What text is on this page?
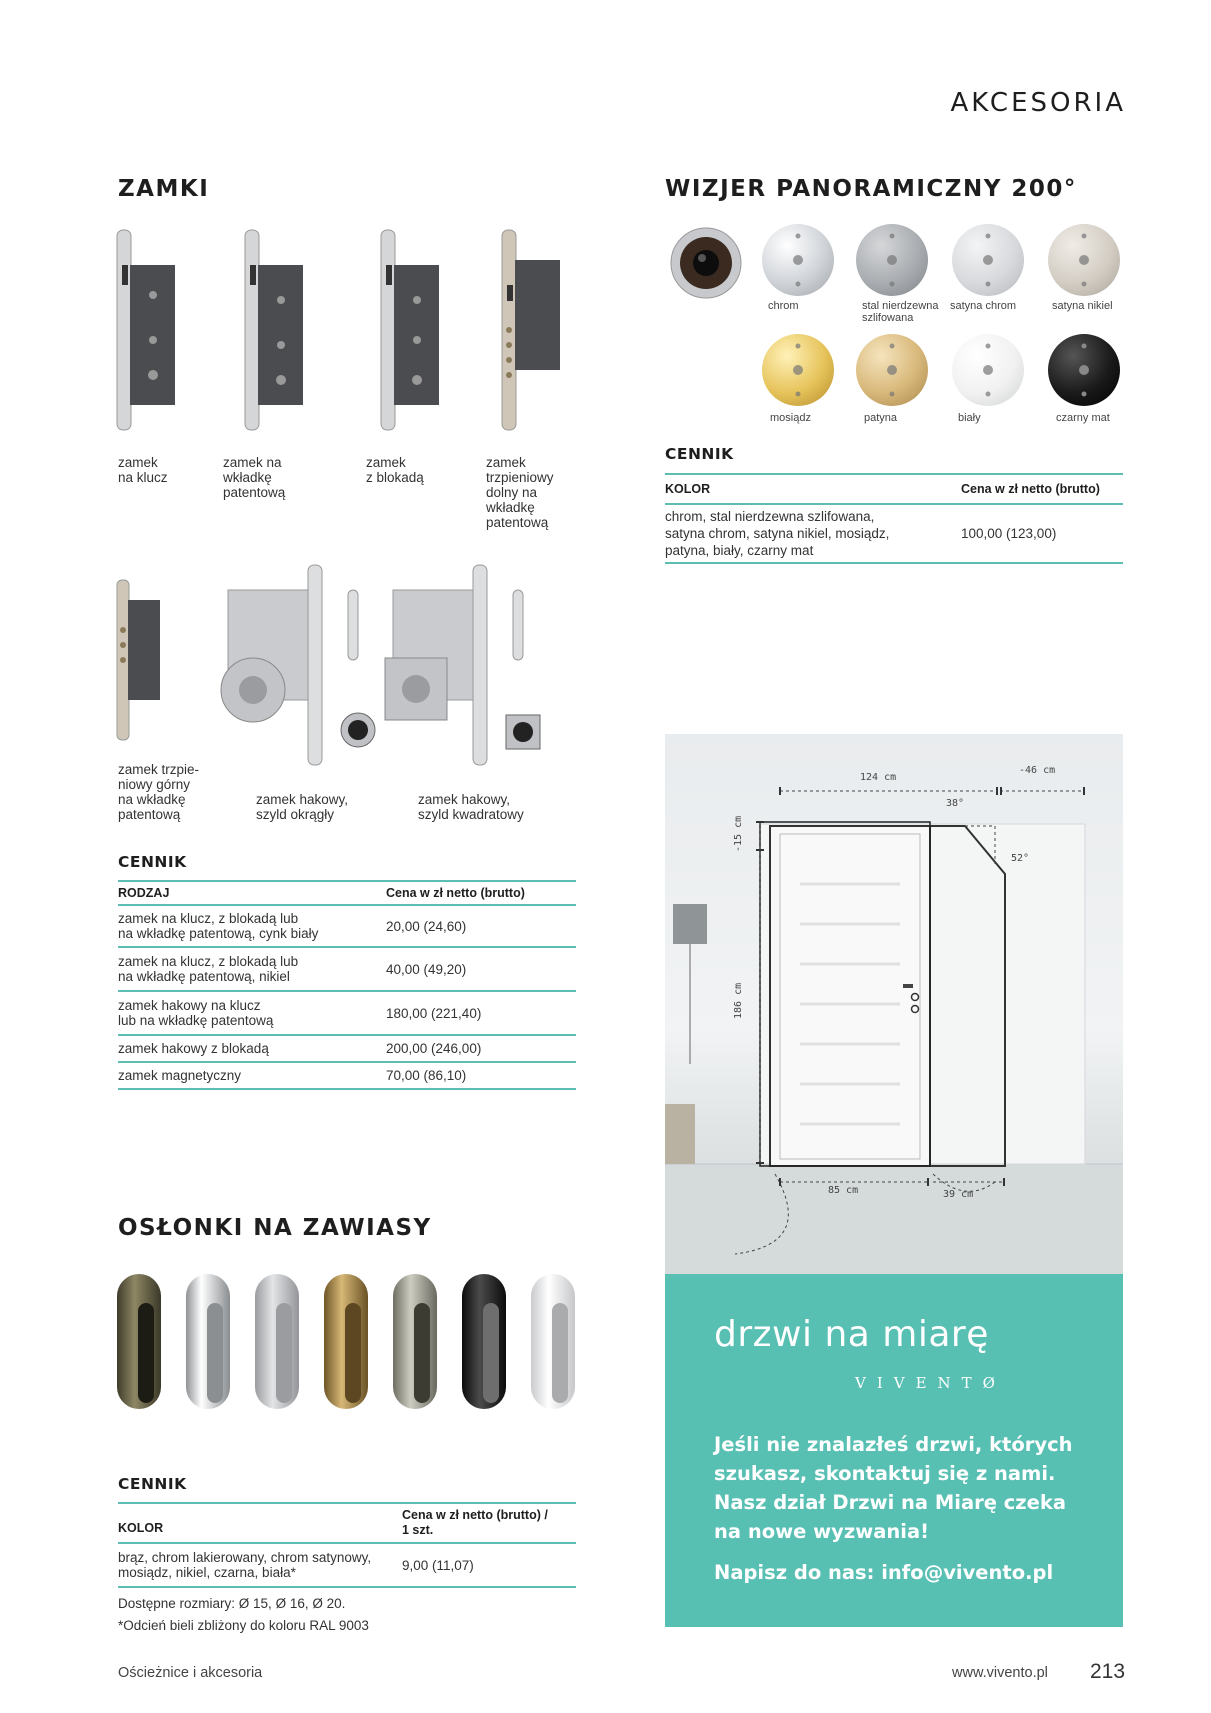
AKCESORIA
ZAMKI
zamek
na klucz
zamek na
wkładkę
patentową
zamek
z blokadą
zamek
trzpieniowy
dolny na
wkładkę
patentową
zamek trzpie-
niowy górny
na wkładkę
patentową
zamek hakowy,
szyld okrągły
zamek hakowy,
szyld kwadratowy
CENNIK
RODZAJ	Cena w zł netto (brutto)
zamek na klucz, z blokadą lub
na wkładkę patentową, cynk biały	20,00 (24,60)
zamek na klucz, z blokadą lub
na wkładkę patentową, nikiel	40,00 (49,20)
zamek hakowy na klucz
lub na wkładkę patentową	180,00 (221,40)
zamek hakowy z blokadą	200,00 (246,00)
zamek magnetyczny	70,00 (86,10)
WIZJER PANORAMICZNY 200°
chrom	stal nierdzewna
szlifowana
satyna chrom	satyna nikiel
mosiądz	patyna	biały	czarny mat
CENNIK
KOLOR	Cena w zł netto (brutto)
chrom, stal nierdzewna szlifowana,
satyna chrom, satyna nikiel, mosiądz,
patyna, biały, czarny mat	100,00 (123,00)
124 cm
-46 cm
38°
52°
-15 cm
186 cm
85 cm	39 cm
drzwi na miarę
VIVENTØ
Jeśli nie znalazłeś drzwi, których szukasz, skontaktuj się z nami. Nasz dział Drzwi na Miarę czeka na nowe wyzwania!
Napisz do nas: info@vivento.pl
OSŁONKI NA ZAWIASY
CENNIK
KOLOR	Cena w zł netto (brutto) /
1 szt.
brąz, chrom lakierowany, chrom satynowy,
mosiądz, nikiel, czarna, biała*	9,00 (11,07)
Dostępne rozmiary: Ø 15, Ø 16, Ø 20.
*Odcień bieli zbliżony do koloru RAL 9003
Ościeżnice i akcesoria	www.vivento.pl 213
